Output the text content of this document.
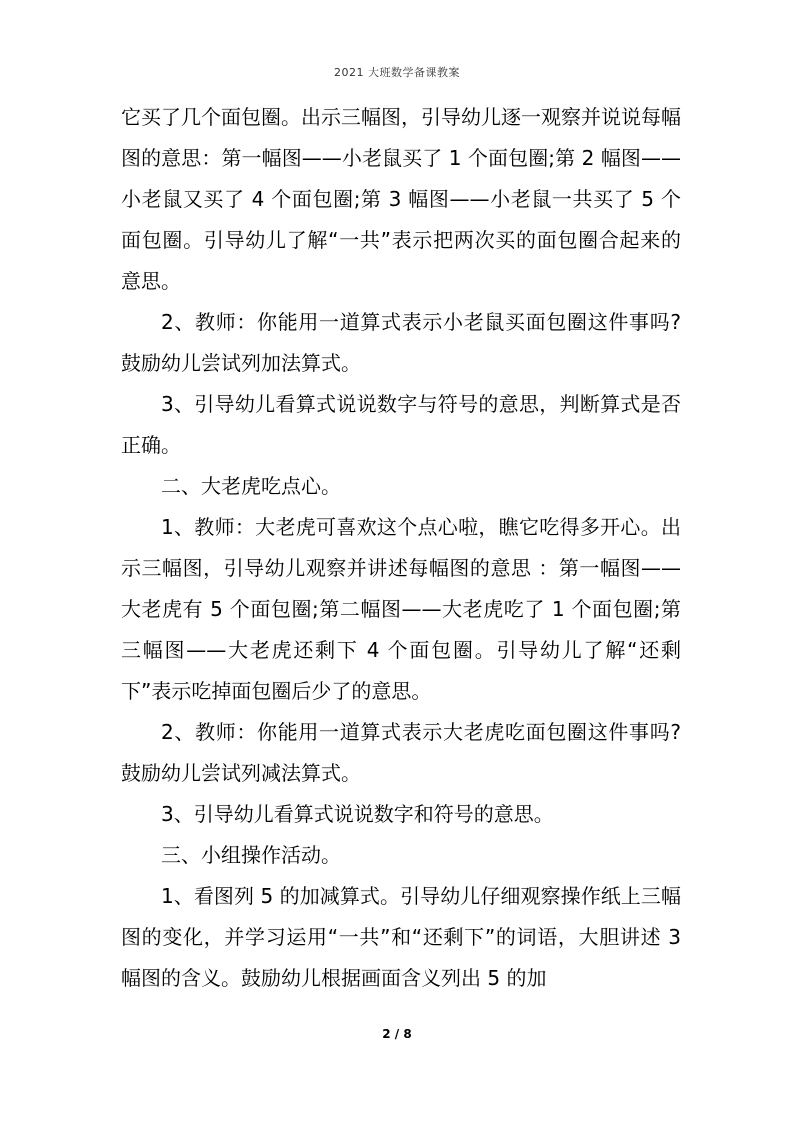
2021 大班数学备课教案

它买了几个面包圈。出示三幅图，引导幼儿逐一观察并说说每幅图的意思：第一幅图——小老鼠买了 1 个面包圈;第 2 幅图——小老鼠又买了 4 个面包圈;第 3 幅图——小老鼠一共买了 5 个面包圈。引导幼儿了解“一共”表示把两次买的面包圈合起来的意思。

2、教师：你能用一道算式表示小老鼠买面包圈这件事吗?鼓励幼儿尝试列加法算式。

3、引导幼儿看算式说说数字与符号的意思，判断算式是否正确。

二、大老虎吃点心。

1、教师：大老虎可喜欢这个点心啦，瞧它吃得多开心。出示三幅图，引导幼儿观察并讲述每幅图的意思 ：第一幅图——大老虎有 5 个面包圈;第二幅图——大老虎吃了 1 个面包圈;第三幅图——大老虎还剩下 4 个面包圈。引导幼儿了解“还剩下”表示吃掉面包圈后少了的意思。

2、教师：你能用一道算式表示大老虎吃面包圈这件事吗?鼓励幼儿尝试列减法算式。

3、引导幼儿看算式说说数字和符号的意思。

三、小组操作活动。

1、看图列 5 的加减算式。引导幼儿仔细观察操作纸上三幅图的变化，并学习运用“一共”和“还剩下”的词语，大胆讲述 3 幅图的含义。鼓励幼儿根据画面含义列出 5 的加

2 / 8
